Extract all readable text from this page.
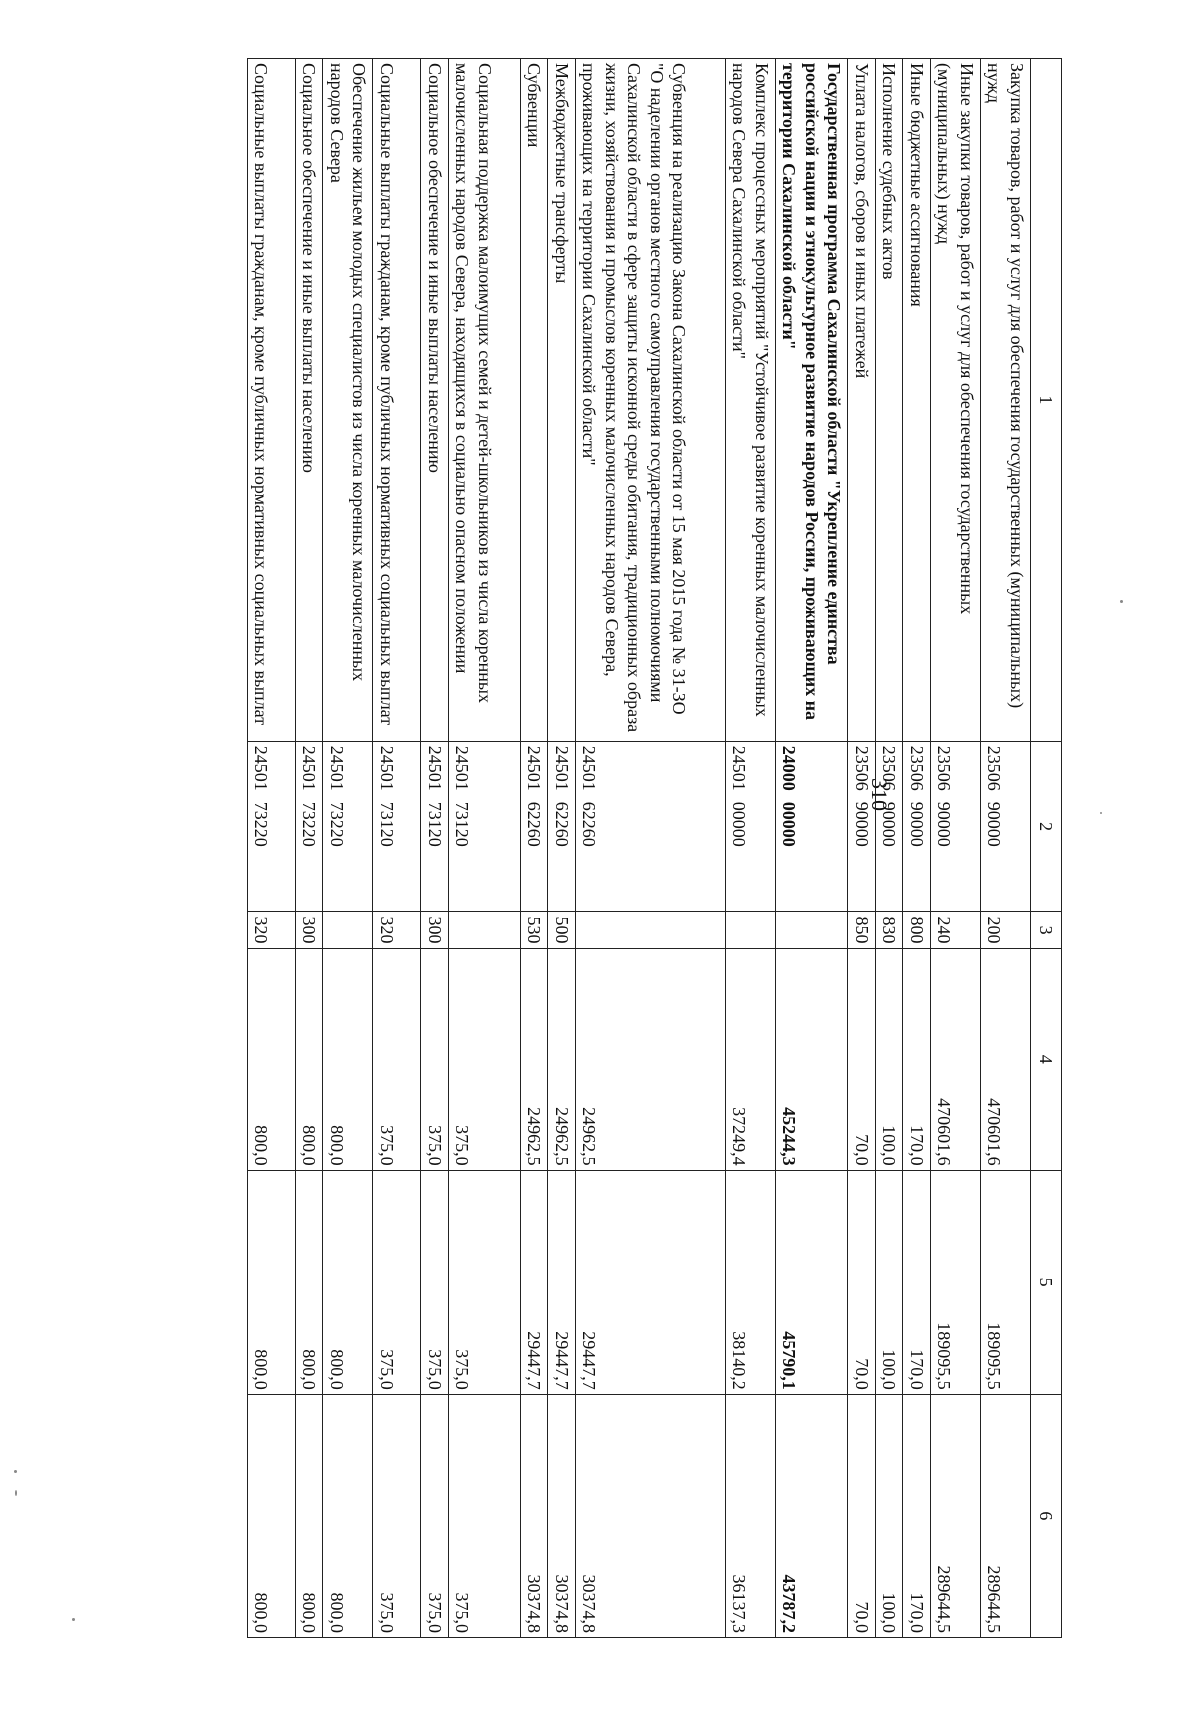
310
1	2	3	4	5	6
Закупка товаров, работ и услуг для обеспечения государственных (муниципальных) нужд	2350690000	200	470601,6	189095,5	289644,5
Иные закупки товаров, работ и услуг для обеспечения государственных (муниципальных) нужд	2350690000	240	470601,6	189095,5	289644,5
Иные бюджетные ассигнования	2350690000	800	170,0	170,0	170,0
Исполнение судебных актов	2350690000	830	100,0	100,0	100,0
Уплата налогов, сборов и иных платежей	2350690000	850	70,0	70,0	70,0
Государственная программа Сахалинской области "Укрепление единства российской нации и этнокультурное развитие народов России, проживающих на территории Сахалинской области"	2400000000		45244,3	45790,1	43787,2
Комплекс процессных мероприятий "Устойчивое развитие коренных малочисленных народов Севера Сахалинской области"	2450100000		37249,4	38140,2	36137,3
Субвенция на реализацию Закона Сахалинской области от 15 мая 2015 года № 31-ЗО "О наделении органов местного самоуправления государственными полномочиями Сахалинской области в сфере защиты исконной среды обитания, традиционных образа жизни, хозяйствования и промыслов коренных малочисленных народов Севера, проживающих на территории Сахалинской области"	2450162260		24962,5	29447,7	30374,8
Межбюджетные трансферты	2450162260	500	24962,5	29447,7	30374,8
Субвенции	2450162260	530	24962,5	29447,7	30374,8
Социальная поддержка малоимущих семей и детей-школьников из числа коренных малочисленных народов Севера, находящихся в социально опасном положении	2450173120		375,0	375,0	375,0
Социальное обеспечение и иные выплаты населению	2450173120	300	375,0	375,0	375,0
Социальные выплаты гражданам, кроме публичных нормативных социальных выплат	2450173120	320	375,0	375,0	375,0
Обеспечение жильем молодых специалистов из числа коренных малочисленных народов Севера	2450173220		800,0	800,0	800,0
Социальное обеспечение и иные выплаты населению	2450173220	300	800,0	800,0	800,0
Социальные выплаты гражданам, кроме публичных нормативных социальных выплат	2450173220	320	800,0	800,0	800,0
